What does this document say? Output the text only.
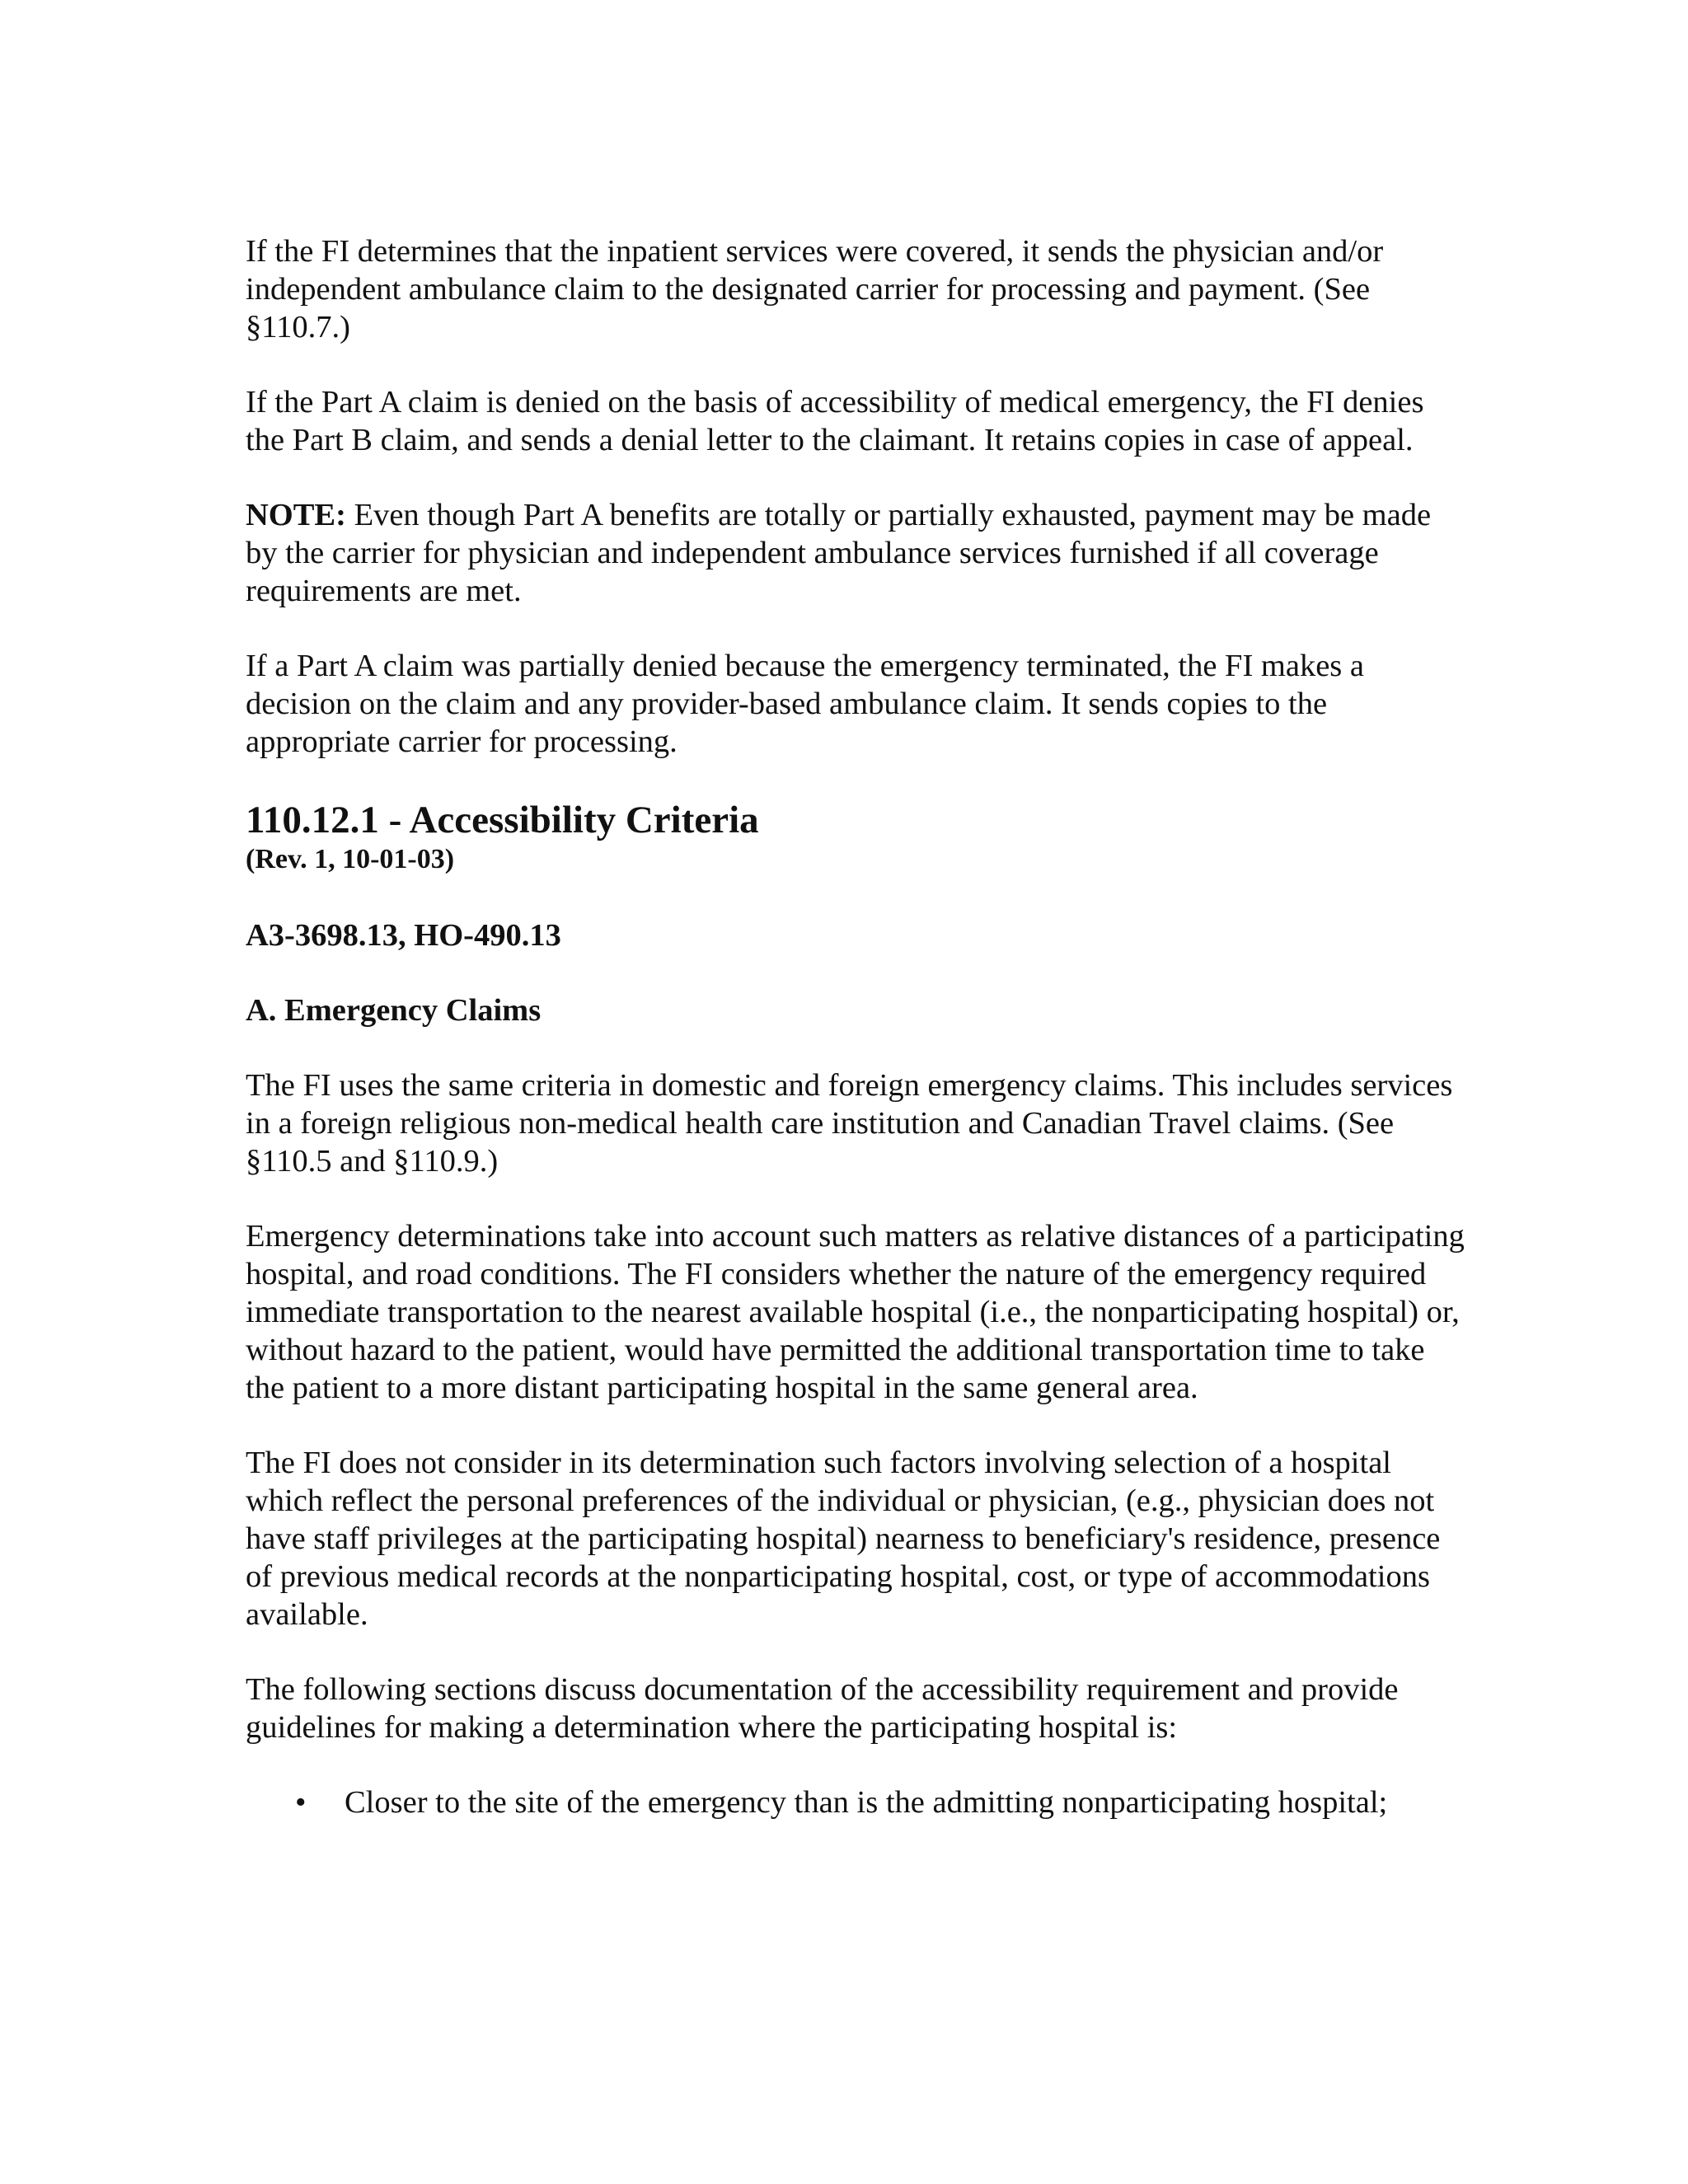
If the FI determines that the inpatient services were covered, it sends the physician and/or independent ambulance claim to the designated carrier for processing and payment. (See §110.7.)

If the Part A claim is denied on the basis of accessibility of medical emergency, the FI denies the Part B claim, and sends a denial letter to the claimant. It retains copies in case of appeal.

NOTE: Even though Part A benefits are totally or partially exhausted, payment may be made by the carrier for physician and independent ambulance services furnished if all coverage requirements are met.

If a Part A claim was partially denied because the emergency terminated, the FI makes a decision on the claim and any provider-based ambulance claim. It sends copies to the appropriate carrier for processing.

110.12.1 - Accessibility Criteria
(Rev. 1, 10-01-03)
A3-3698.13, HO-490.13
A. Emergency Claims

The FI uses the same criteria in domestic and foreign emergency claims. This includes services in a foreign religious non-medical health care institution and Canadian Travel claims. (See §110.5 and §110.9.)

Emergency determinations take into account such matters as relative distances of a participating hospital, and road conditions. The FI considers whether the nature of the emergency required immediate transportation to the nearest available hospital (i.e., the nonparticipating hospital) or, without hazard to the patient, would have permitted the additional transportation time to take the patient to a more distant participating hospital in the same general area.

The FI does not consider in its determination such factors involving selection of a hospital which reflect the personal preferences of the individual or physician, (e.g., physician does not have staff privileges at the participating hospital) nearness to beneficiary's residence, presence of previous medical records at the nonparticipating hospital, cost, or type of accommodations available.

The following sections discuss documentation of the accessibility requirement and provide guidelines for making a determination where the participating hospital is:

• Closer to the site of the emergency than is the admitting nonparticipating hospital;
